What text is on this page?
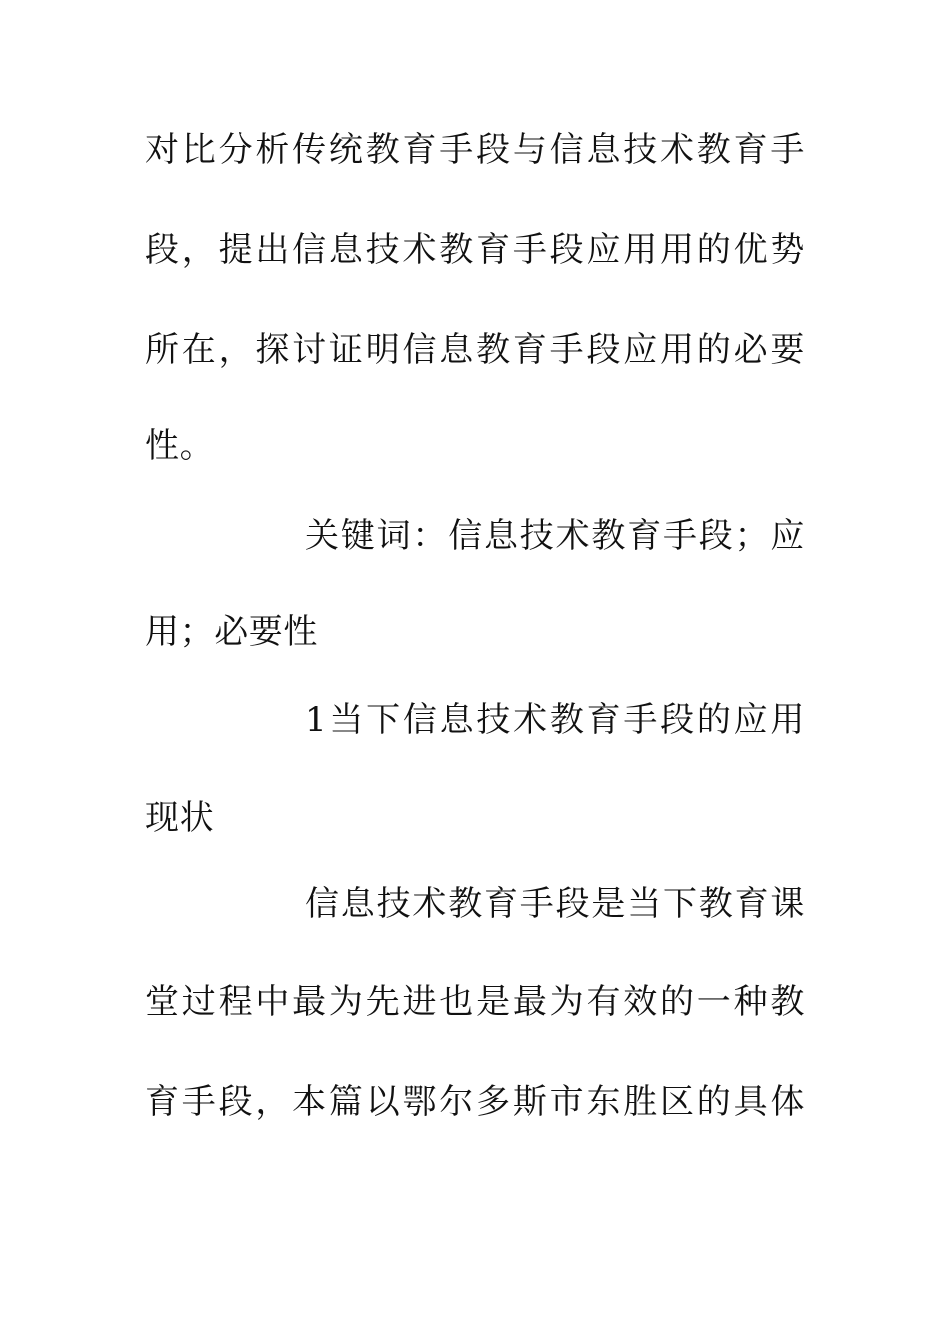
对比分析传统教育手段与信息技术教育手
段，提出信息技术教育手段应用用的优势
所在，探讨证明信息教育手段应用的必要
性。
关键词：信息技术教育手段；应
用；必要性
1当下信息技术教育手段的应用
现状
信息技术教育手段是当下教育课
堂过程中最为先进也是最为有效的一种教
育手段，本篇以鄂尔多斯市东胜区的具体
